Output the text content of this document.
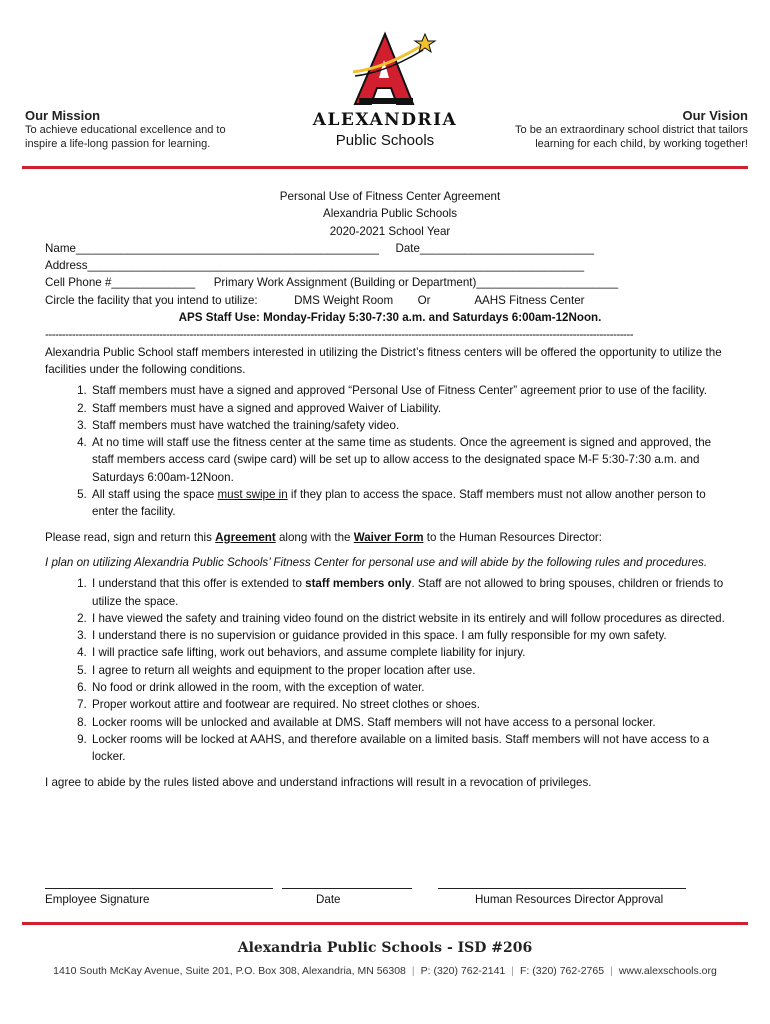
Our Mission
To achieve educational excellence and to inspire a life-long passion for learning.
ALEXANDRIA
Public Schools
Our Vision
To be an extraordinary school district that tailors learning for each child, by working together!
Personal Use of Fitness Center Agreement
Alexandria Public Schools
2020-2021 School Year
Name_______________________________________________ Date___________________________
Address_____________________________________________________________________________
Cell Phone #_____________ Primary Work Assignment (Building or Department)______________________
Circle the facility that you intend to utilize:	DMS Weight Room Or	AAHS Fitness Center
APS Staff Use: Monday-Friday 5:30-7:30 a.m. and Saturdays 6:00am-12Noon.
-------------------------------------------------------------------------------------------------------------------------------------------------------------------------------

Alexandria Public School staff members interested in utilizing the District’s fitness centers will be offered the opportunity to utilize the facilities under the following conditions.

1. Staff members must have a signed and approved “Personal Use of Fitness Center” agreement prior to use of the facility.
2. Staff members must have a signed and approved Waiver of Liability.
3. Staff members must have watched the training/safety video.
4. At no time will staff use the fitness center at the same time as students. Once the agreement is signed and approved, the staff members access card (swipe card) will be set up to allow access to the designated space M-F 5:30-7:30 a.m. and Saturdays 6:00am-12Noon.
5. All staff using the space must swipe in if they plan to access the space. Staff members must not allow another person to enter the facility.

Please read, sign and return this Agreement along with the Waiver Form to the Human Resources Director:

I plan on utilizing Alexandria Public Schools’ Fitness Center for personal use and will abide by the following rules and procedures.

1. I understand that this offer is extended to staff members only. Staff are not allowed to bring spouses, children or friends to utilize the space.
2. I have viewed the safety and training video found on the district website in its entirely and will follow procedures as directed.
3. I understand there is no supervision or guidance provided in this space. I am fully responsible for my own safety.
4. I will practice safe lifting, work out behaviors, and assume complete liability for injury.
5. I agree to return all weights and equipment to the proper location after use.
6. No food or drink allowed in the room, with the exception of water.
7. Proper workout attire and footwear are required. No street clothes or shoes.
8. Locker rooms will be unlocked and available at DMS. Staff members will not have access to a personal locker.
9. Locker rooms will be locked at AAHS, and therefore available on a limited basis. Staff members will not have access to a locker.

I agree to abide by the rules listed above and understand infractions will result in a revocation of privileges.

Employee Signature	Date	Human Resources Director Approval
Alexandria Public Schools - ISD #206
1410 South McKay Avenue, Suite 201, P.O. Box 308, Alexandria, MN 56308 | P: (320) 762-2141 | F: (320) 762-2765 | www.alexschools.org
